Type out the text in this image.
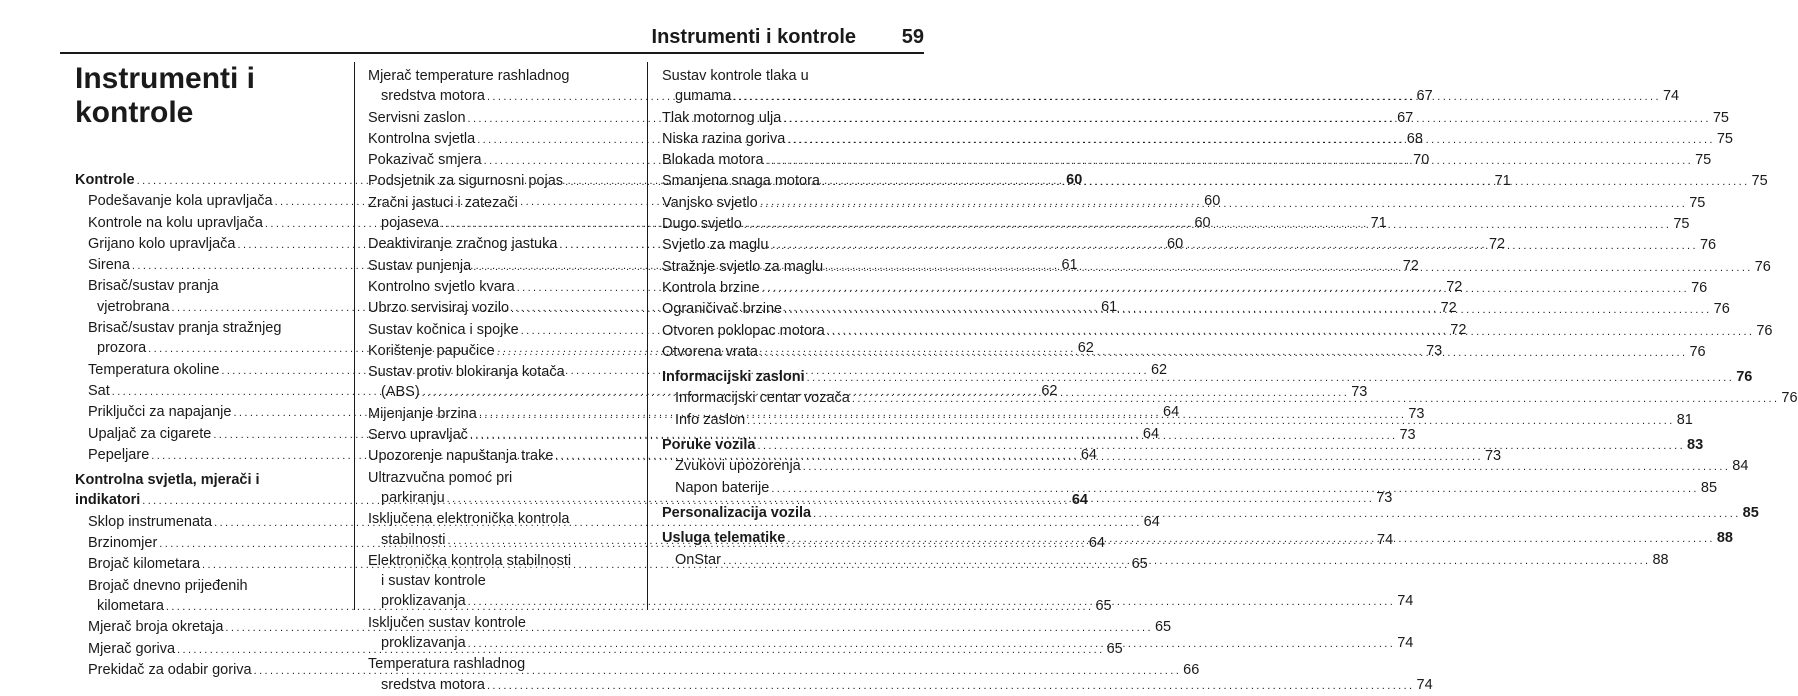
Instrumenti i kontrole 59
Instrumenti i kontrole
Kontrole .....	60
Podešavanje kola upravljača .....	60
Kontrole na kolu upravljača .....	60
Grijano kolo upravljača .....	60
Sirena .....	61
Brisač/sustav pranja
vjetrobrana .....	61
Brisač/sustav pranja stražnjeg
prozora .....	62
Temperatura okoline .....	62
Sat .....	62
Priključci za napajanje .....	64
Upaljač za cigarete .....	64
Pepeljare .....	64
Kontrolna svjetla, mjerači i
indikatori .....	64
Sklop instrumenata .....	64
Brzinomjer .....	64
Brojač kilometara .....	65
Brojač dnevno prijeđenih
kilometara .....	65
Mjerač broja okretaja .....	65
Mjerač goriva .....	65
Prekidač za odabir goriva .....	66
Mjerač temperature rashladnog
sredstva motora .....	67
Servisni zaslon .....	67
Kontrolna svjetla .....	68
Pokazivač smjera .....	70
Podsjetnik za sigurnosni pojas .....	71
Zračni jastuci i zatezači
pojaseva .....	71
Deaktiviranje zračnog jastuka .....	72
Sustav punjenja .....	72
Kontrolno svjetlo kvara .....	72
Ubrzo servisiraj vozilo .....	72
Sustav kočnica i spojke .....	72
Korištenje papučice .....	73
Sustav protiv blokiranja kotača
(ABS) .....	73
Mijenjanje brzina .....	73
Servo upravljač .....	73
Upozorenje napuštanja trake .....	73
Ultrazvučna pomoć pri
parkiranju .....	73
Isključena elektronička kontrola
stabilnosti .....	74
Elektronička kontrola stabilnosti
i sustav kontrole
proklizavanja .....	74
Isključen sustav kontrole
proklizavanja .....	74
Temperatura rashladnog
sredstva motora .....	74
Sustav kontrole tlaka u
gumama .....	74
Tlak motornog ulja .....	75
Niska razina goriva .....	75
Blokada motora .....	75
Smanjena snaga motora .....	75
Vanjsko svjetlo .....	75
Dugo svjetlo .....	75
Svjetlo za maglu .....	76
Stražnje svjetlo za maglu .....	76
Kontrola brzine .....	76
Ograničivač brzine .....	76
Otvoren poklopac motora .....	76
Otvorena vrata .....	76
Informacijski zasloni .....	76
Informacijski centar vozača .....	76
Info zaslon .....	81
Poruke vozila .....	83
Zvukovi upozorenja .....	84
Napon baterije .....	85
Personalizacija vozila .....	85
Usluga telematike .....	88
OnStar .....	88
